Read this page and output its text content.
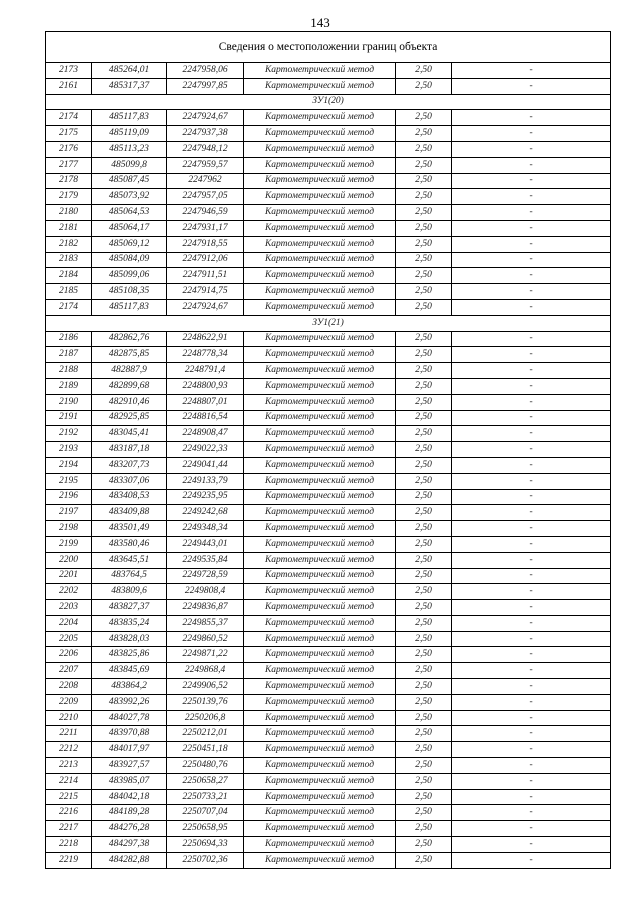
143
Сведения о местоположении границ объекта					
2173	485264,01	2247958,06	Картометрический метод	2,50	-
2161	485317,37	2247997,85	Картометрический метод	2,50	-
ЗУ1(20)					
2174	485117,83	2247924,67	Картометрический метод	2,50	-
2175	485119,09	2247937,38	Картометрический метод	2,50	-
2176	485113,23	2247948,12	Картометрический метод	2,50	-
2177	485099,8	2247959,57	Картометрический метод	2,50	-
2178	485087,45	2247962	Картометрический метод	2,50	-
2179	485073,92	2247957,05	Картометрический метод	2,50	-
2180	485064,53	2247946,59	Картометрический метод	2,50	-
2181	485064,17	2247931,17	Картометрический метод	2,50	-
2182	485069,12	2247918,55	Картометрический метод	2,50	-
2183	485084,09	2247912,06	Картометрический метод	2,50	-
2184	485099,06	2247911,51	Картометрический метод	2,50	-
2185	485108,35	2247914,75	Картометрический метод	2,50	-
2174	485117,83	2247924,67	Картометрический метод	2,50	-
ЗУ1(21)					
2186	482862,76	2248622,91	Картометрический метод	2,50	-
2187	482875,85	2248778,34	Картометрический метод	2,50	-
2188	482887,9	2248791,4	Картометрический метод	2,50	-
2189	482899,68	2248800,93	Картометрический метод	2,50	-
2190	482910,46	2248807,01	Картометрический метод	2,50	-
2191	482925,85	2248816,54	Картометрический метод	2,50	-
2192	483045,41	2248908,47	Картометрический метод	2,50	-
2193	483187,18	2249022,33	Картометрический метод	2,50	-
2194	483207,73	2249041,44	Картометрический метод	2,50	-
2195	483307,06	2249133,79	Картометрический метод	2,50	-
2196	483408,53	2249235,95	Картометрический метод	2,50	-
2197	483409,88	2249242,68	Картометрический метод	2,50	-
2198	483501,49	2249348,34	Картометрический метод	2,50	-
2199	483580,46	2249443,01	Картометрический метод	2,50	-
2200	483645,51	2249535,84	Картометрический метод	2,50	-
2201	483764,5	2249728,59	Картометрический метод	2,50	-
2202	483809,6	2249808,4	Картометрический метод	2,50	-
2203	483827,37	2249836,87	Картометрический метод	2,50	-
2204	483835,24	2249855,37	Картометрический метод	2,50	-
2205	483828,03	2249860,52	Картометрический метод	2,50	-
2206	483825,86	2249871,22	Картометрический метод	2,50	-
2207	483845,69	2249868,4	Картометрический метод	2,50	-
2208	483864,2	2249906,52	Картометрический метод	2,50	-
2209	483992,26	2250139,76	Картометрический метод	2,50	-
2210	484027,78	2250206,8	Картометрический метод	2,50	-
2211	483970,88	2250212,01	Картометрический метод	2,50	-
2212	484017,97	2250451,18	Картометрический метод	2,50	-
2213	483927,57	2250480,76	Картометрический метод	2,50	-
2214	483985,07	2250658,27	Картометрический метод	2,50	-
2215	484042,18	2250733,21	Картометрический метод	2,50	-
2216	484189,28	2250707,04	Картометрический метод	2,50	-
2217	484276,28	2250658,95	Картометрический метод	2,50	-
2218	484297,38	2250694,33	Картометрический метод	2,50	-
2219	484282,88	2250702,36	Картометрический метод	2,50	-
